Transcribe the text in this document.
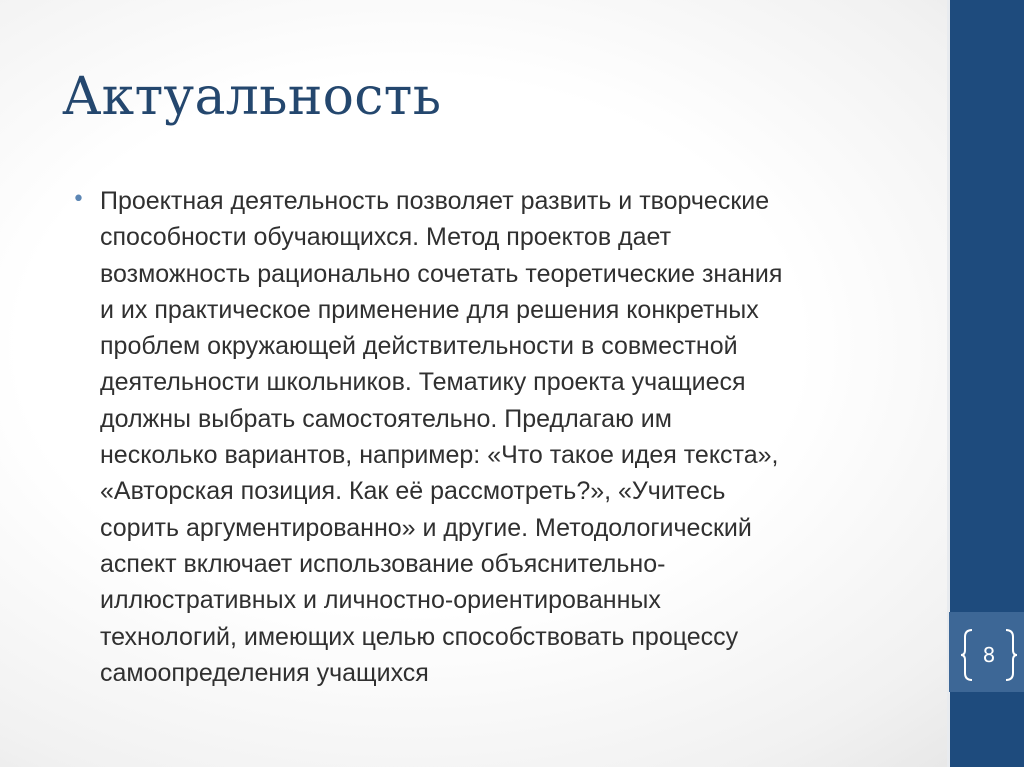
Актуальность
• Проектная деятельность позволяет развить и творческие
способности обучающихся. Метод проектов дает
возможность рационально сочетать теоретические знания
и их практическое применение для решения конкретных
проблем окружающей действительности в совместной
деятельности школьников. Тематику проекта учащиеся
должны выбрать самостоятельно. Предлагаю им
несколько вариантов, например: «Что такое идея текста»,
«Авторская позиция. Как её рассмотреть?», «Учитесь
сорить аргументированно» и другие. Методологический
аспект включает использование объяснительно-
иллюстративных и личностно-ориентированных
технологий, имеющих целью способствовать процессу
самоопределения учащихся

8
